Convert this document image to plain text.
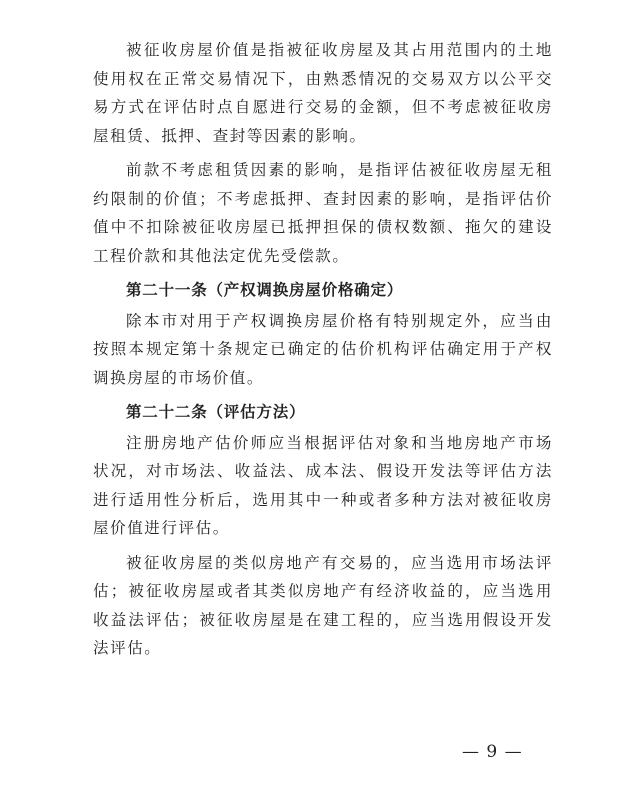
被征收房屋价值是指被征收房屋及其占用范围内的土地使用权在正常交易情况下，由熟悉情况的交易双方以公平交易方式在评估时点自愿进行交易的金额，但不考虑被征收房屋租赁、抵押、查封等因素的影响。

前款不考虑租赁因素的影响，是指评估被征收房屋无租约限制的价值；不考虑抵押、查封因素的影响，是指评估价值中不扣除被征收房屋已抵押担保的债权数额、拖欠的建设工程价款和其他法定优先受偿款。

第二十一条（产权调换房屋价格确定）

除本市对用于产权调换房屋价格有特别规定外，应当由按照本规定第十条规定已确定的估价机构评估确定用于产权调换房屋的市场价值。

第二十二条（评估方法）

注册房地产估价师应当根据评估对象和当地房地产市场状况，对市场法、收益法、成本法、假设开发法等评估方法进行适用性分析后，选用其中一种或者多种方法对被征收房屋价值进行评估。

被征收房屋的类似房地产有交易的，应当选用市场法评估；被征收房屋或者其类似房地产有经济收益的，应当选用收益法评估；被征收房屋是在建工程的，应当选用假设开发法评估。

— 9 —
